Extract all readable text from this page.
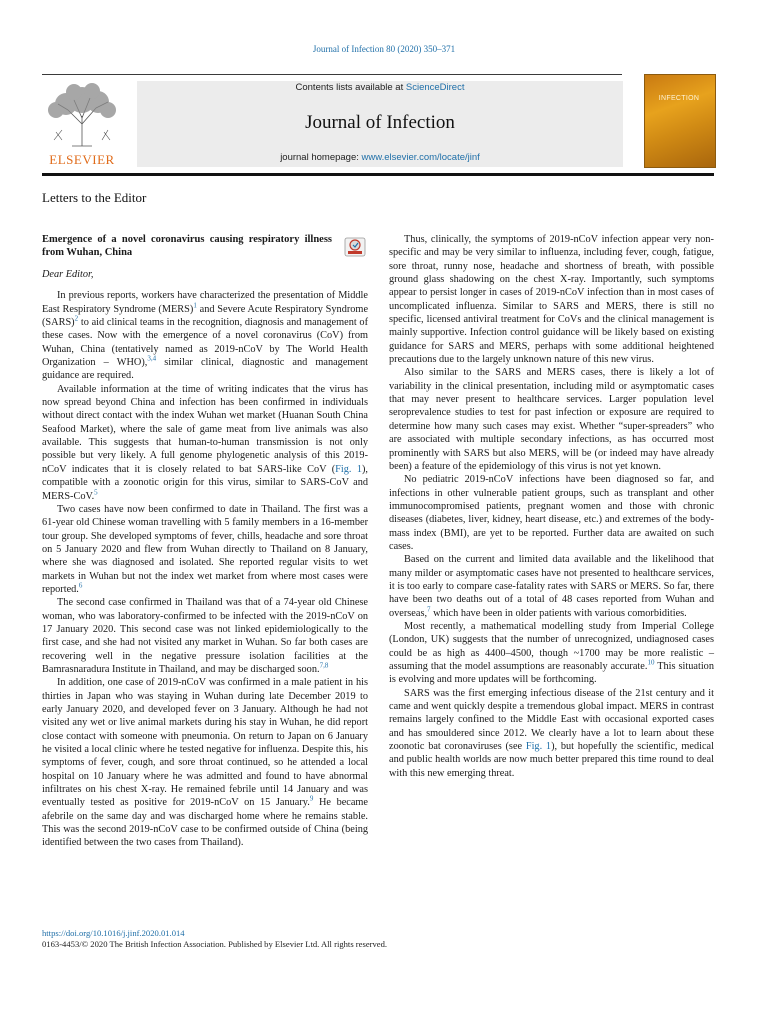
Journal of Infection 80 (2020) 350–371
ELSEVIER
Contents lists available at ScienceDirect
Journal of Infection
journal homepage: www.elsevier.com/locate/jinf
INFECTION
Letters to the Editor

Emergence of a novel coronavirus causing respiratory illness from Wuhan, China

Dear Editor,

In previous reports, workers have characterized the presentation of Middle East Respiratory Syndrome (MERS)$^1$ and Severe Acute Respiratory Syndrome (SARS)$^2$ to aid clinical teams in the recognition, diagnosis and management of these cases. Now with the emergence of a novel coronavirus (CoV) from Wuhan, China (tentatively named as 2019-nCoV by The World Health Organization – WHO),$^{3,4}$ similar clinical, diagnostic and management guidance are required.

Available information at the time of writing indicates that the virus has now spread beyond China and infection has been confirmed in individuals without direct contact with the index Wuhan wet market (Huanan South China Seafood Market), where the sale of game meat from live animals was also available. This suggests that human-to-human transmission is not only possible but very likely. A full genome phylogenetic analysis of this 2019-nCoV indicates that it is closely related to bat SARS-like CoV (Fig. 1), compatible with a zoonotic origin for this virus, similar to SARS-CoV and MERS-CoV.$^5$

Two cases have now been confirmed to date in Thailand. The first was a 61-year old Chinese woman travelling with 5 family members in a 16-member tour group. She developed symptoms of fever, chills, headache and sore throat on 5 January 2020 and flew from Wuhan directly to Thailand on 8 January, where she was diagnosed and isolated. She reported regular visits to wet markets in Wuhan but not the index wet market from where most cases were reported.$^6$

The second case confirmed in Thailand was that of a 74-year old Chinese woman, who was laboratory-confirmed to be infected with the 2019-nCoV on 17 January 2020. This second case was not linked epidemiologically to the first case, and she had not visited any market in Wuhan. So far both cases are recovering well in the negative pressure isolation facilities at the Bamrasnaradura Institute in Thailand, and may be discharged soon.$^{7,8}$

In addition, one case of 2019-nCoV was confirmed in a male patient in his thirties in Japan who was staying in Wuhan during late December 2019 to early January 2020, and developed fever on 3 January. Although he had not visited any wet or live animal markets during his stay in Wuhan, he did report close contact with someone with pneumonia. On return to Japan on 6 January he visited a local clinic where he tested negative for influenza. Despite this, his symptoms of fever, cough, and sore throat continued, so he attended a local hospital on 10 January where he was admitted and found to have abnormal infiltrates on his chest X-ray. He remained febrile until 14 January and was eventually tested as positive for 2019-nCoV on 15 January.$^9$ He became afebrile on the same day and was discharged home where he remains stable. This was the second 2019-nCoV case to be confirmed outside of China (being identified between the two cases from Thailand).

Thus, clinically, the symptoms of 2019-nCoV infection appear very non-specific and may be very similar to influenza, including fever, cough, fatigue, sore throat, runny nose, headache and shortness of breath, with possible ground glass shadowing on the chest X-ray. Importantly, such symptoms appear to persist longer in cases of 2019-nCoV infection than in most cases of uncomplicated influenza. Similar to SARS and MERS, there is still no specific, licensed antiviral treatment for CoVs and the clinical management is mainly supportive. Infection control guidance will be likely based on existing guidance for SARS and MERS, perhaps with some additional heightened precautions due to the largely unknown nature of this new virus.

Also similar to the SARS and MERS cases, there is likely a lot of variability in the clinical presentation, including mild or asymptomatic cases that may never present to healthcare services. Larger population level seroprevalence studies to test for past infection or exposure are required to determine how many such cases may exist. Whether “super-spreaders” who are associated with multiple secondary infections, as has occurred most prominently with SARS but also MERS, will be (or indeed may have already been) a feature of the epidemiology of this virus is not yet known.

No pediatric 2019-nCoV infections have been diagnosed so far, and infections in other vulnerable patient groups, such as transplant and other immunocompromised patients, pregnant women and those with chronic diseases (diabetes, liver, kidney, heart disease, etc.) and extremes of the body-mass index (BMI), are yet to be reported. Further data are awaited on such cases.

Based on the current and limited data available and the likelihood that many milder or asymptomatic cases have not presented to healthcare services, it is too early to compare case-fatality rates with SARS or MERS. So far, there have been two deaths out of a total of 48 cases reported from Wuhan and overseas,$^7$ which have been in older patients with various comorbidities.

Most recently, a mathematical modelling study from Imperial College (London, UK) suggests that the number of unrecognized, undiagnosed cases could be as high as 4400–4500, though ~1700 may be more realistic – assuming that the model assumptions are reasonably accurate.$^{10}$ This situation is evolving and more updates will be forthcoming.

SARS was the first emerging infectious disease of the 21st century and it came and went quickly despite a tremendous global impact. MERS in contrast remains largely confined to the Middle East with occasional exported cases and has smouldered since 2012. We clearly have a lot to learn about these zoonotic bat coronaviruses (see Fig. 1), but hopefully the scientific, medical and public health worlds are now much better prepared this time round to deal with this new emerging threat.

https://doi.org/10.1016/j.jinf.2020.01.014
0163-4453/© 2020 The British Infection Association. Published by Elsevier Ltd. All rights reserved.
